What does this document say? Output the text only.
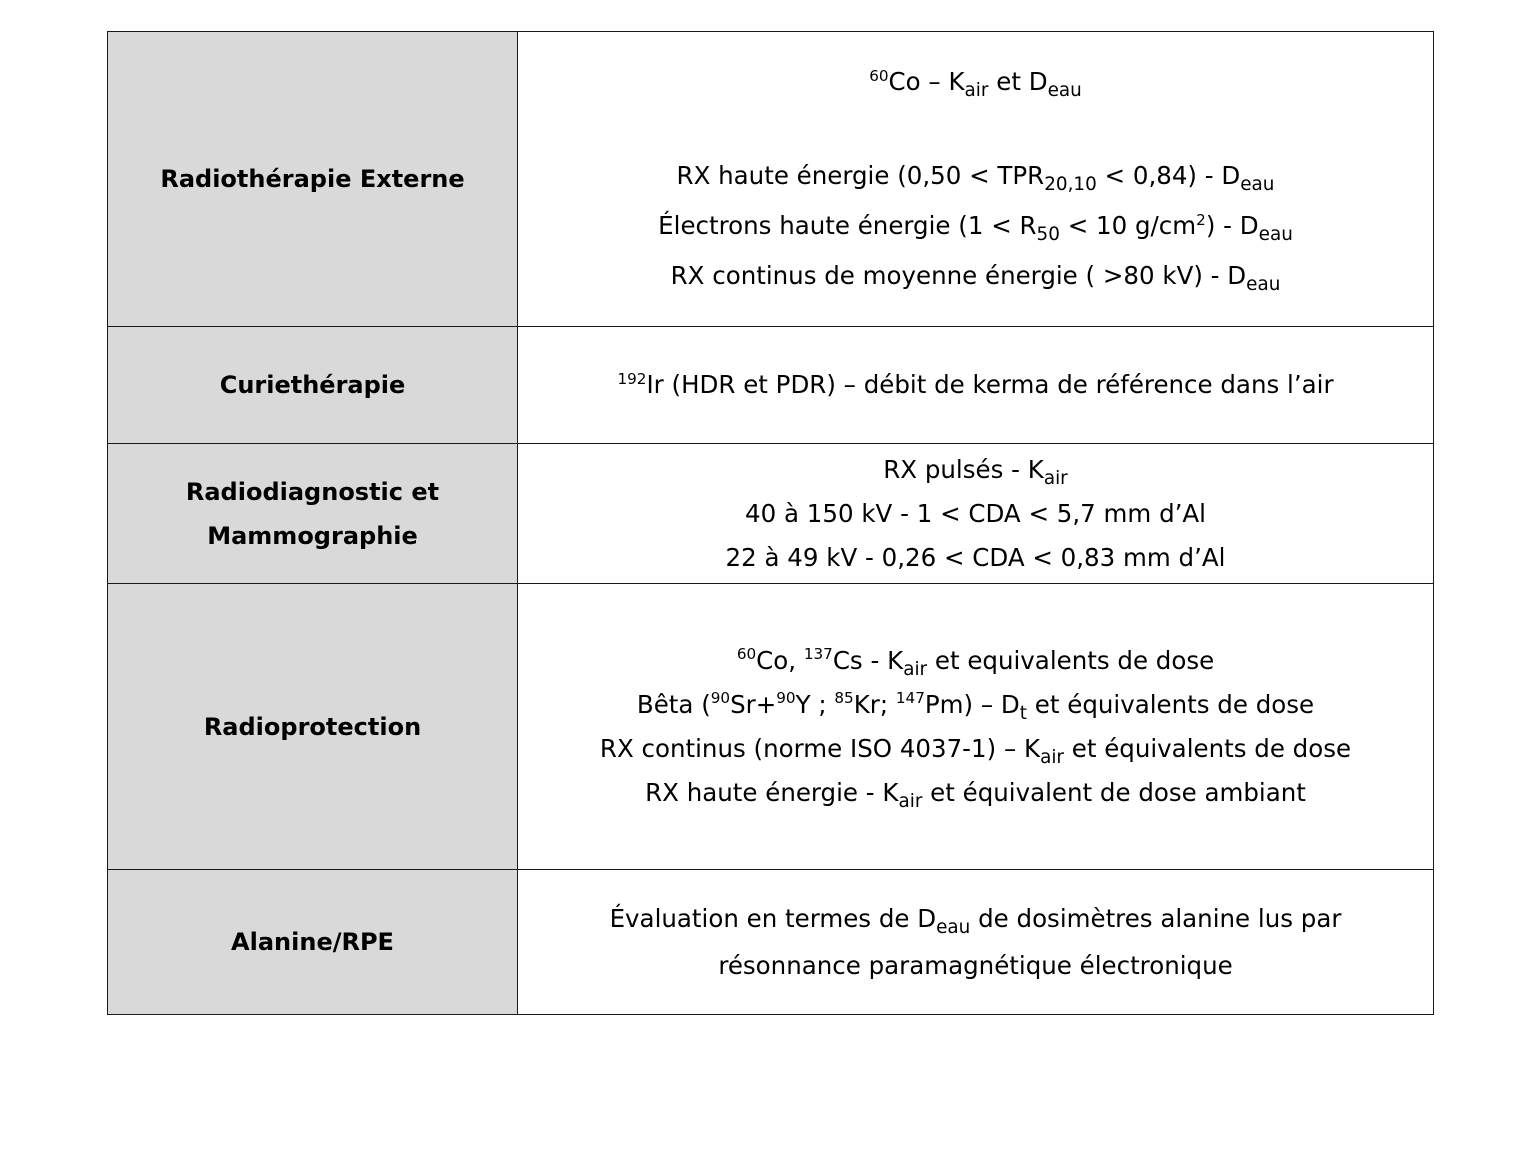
Radiothérapie Externe	$^{60}Co - K_{air}$ et $D_{eau}$
RX haute énergie $(0,50 < TPR_{20,10} < 0,84) - D_{eau}$
Électrons haute énergie ($1 < R_{50} < 10$ $g/cm^2) - D_{eau}$
RX continus de moyenne énergie ( >80 $kV) - D_{eau}$

Curiethérapie	$^{192}$Ir (HDR et PDR) – débit de kerma de référence dans l’air

Radiodiagnostic et
Mammographie	RX pulsés - $K_{air}$
40 à 150 kV - 1 < CDA < 5,7 mm d’Al
22 à 49 kV - 0,26 < CDA < 0,83 mm d’Al

Radioprotection	$^{60}$Co, $^{137}Cs - K_{air}$ et equivalents de dose
Bêta ($^{90}$Sr+$^{90}$Y ; $^{85}$Kr; $^{147}Pm) - D_t$ et équivalents de dose
RX continus (norme ISO $4037-1) - K_{air}$ et équivalents de dose
RX haute énergie - $K_{air}$ et équivalent de dose ambiant

Alanine/RPE	Évaluation en termes de $D_{eau}$ de dosimètres alanine lus par
résonnance paramagnétique électronique
